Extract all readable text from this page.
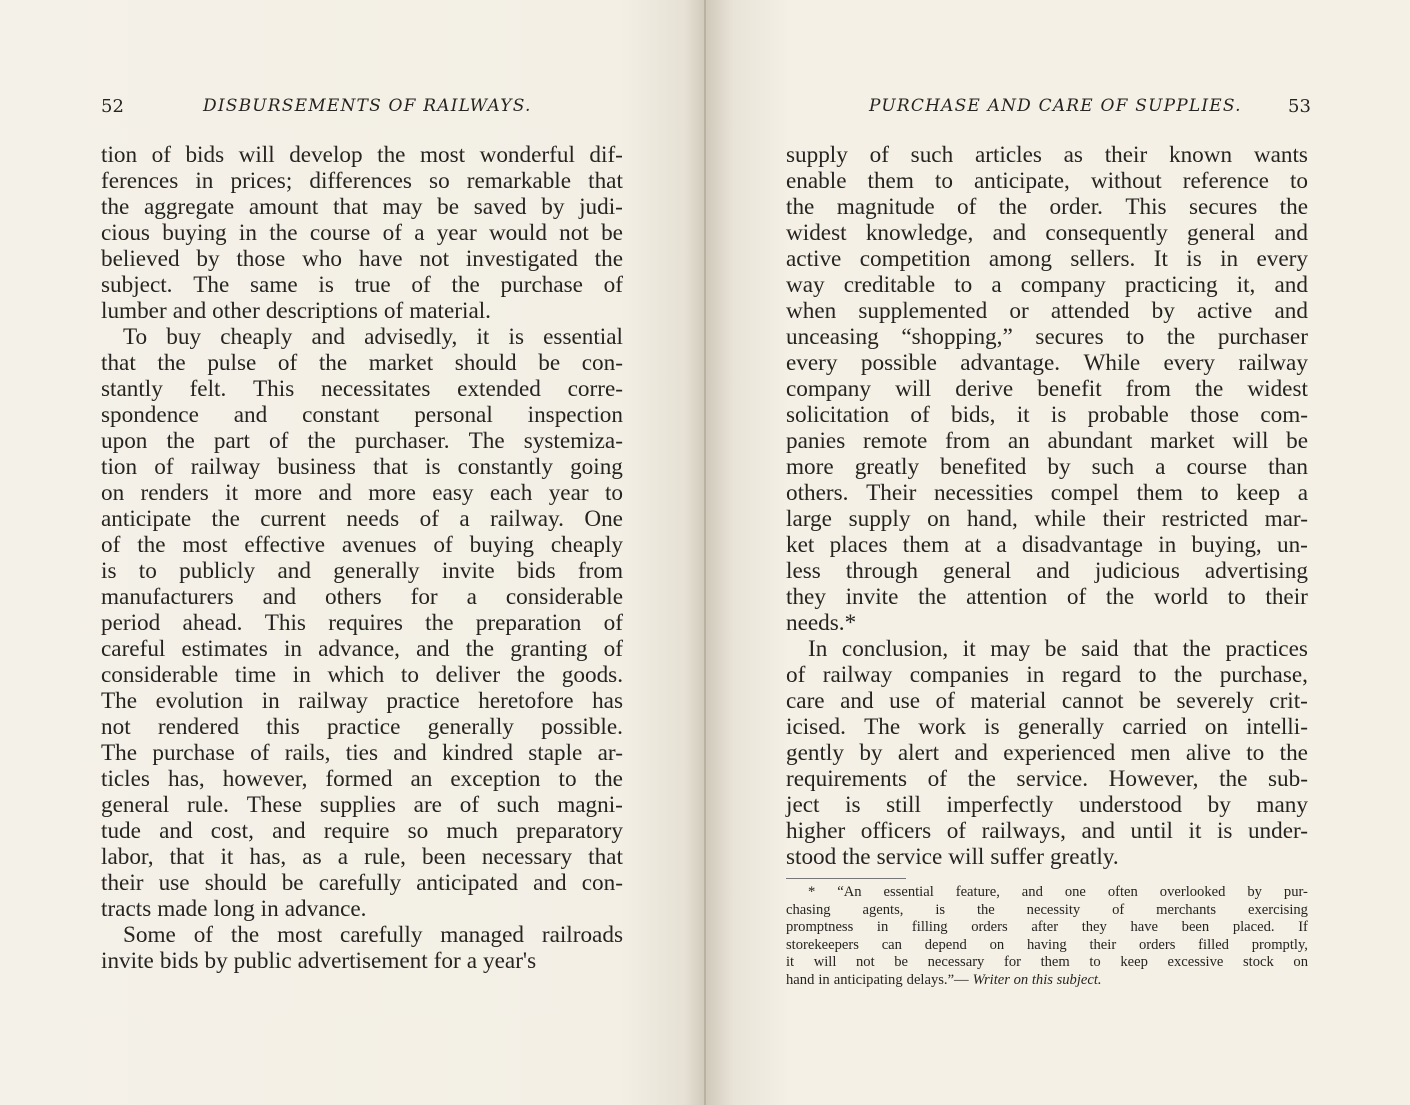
52	DISBURSEMENTS OF RAILWAYS.
tion of bids will develop the most wonderful dif-
ferences in prices; differences so remarkable that
the aggregate amount that may be saved by judi-
cious buying in the course of a year would not be
believed by those who have not investigated the
subject. The same is true of the purchase of
lumber and other descriptions of material.
To buy cheaply and advisedly, it is essential
that the pulse of the market should be con-
stantly felt. This necessitates extended corre-
spondence and constant personal inspection
upon the part of the purchaser. The systemiza-
tion of railway business that is constantly going
on renders it more and more easy each year to
anticipate the current needs of a railway. One
of the most effective avenues of buying cheaply
is to publicly and generally invite bids from
manufacturers and others for a considerable
period ahead. This requires the preparation of
careful estimates in advance, and the granting of
considerable time in which to deliver the goods.
The evolution in railway practice heretofore has
not rendered this practice generally possible.
The purchase of rails, ties and kindred staple ar-
ticles has, however, formed an exception to the
general rule. These supplies are of such magni-
tude and cost, and require so much preparatory
labor, that it has, as a rule, been necessary that
their use should be carefully anticipated and con-
tracts made long in advance.
Some of the most carefully managed railroads
invite bids by public advertisement for a year's
PURCHASE AND CARE OF SUPPLIES.	53
supply of such articles as their known wants
enable them to anticipate, without reference to
the magnitude of the order. This secures the
widest knowledge, and consequently general and
active competition among sellers. It is in every
way creditable to a company practicing it, and
when supplemented or attended by active and
unceasing “shopping,” secures to the purchaser
every possible advantage. While every railway
company will derive benefit from the widest
solicitation of bids, it is probable those com-
panies remote from an abundant market will be
more greatly benefited by such a course than
others. Their necessities compel them to keep a
large supply on hand, while their restricted mar-
ket places them at a disadvantage in buying, un-
less through general and judicious advertising
they invite the attention of the world to their
needs.*
In conclusion, it may be said that the practices
of railway companies in regard to the purchase,
care and use of material cannot be severely crit-
icised. The work is generally carried on intelli-
gently by alert and experienced men alive to the
requirements of the service. However, the sub-
ject is still imperfectly understood by many
higher officers of railways, and until it is under-
stood the service will suffer greatly.
* “An essential feature, and one often overlooked by pur-
chasing agents, is the necessity of merchants exercising
promptness in filling orders after they have been placed. If
storekeepers can depend on having their orders filled promptly,
it will not be necessary for them to keep excessive stock on
hand in anticipating delays.”— Writer on this subject.
